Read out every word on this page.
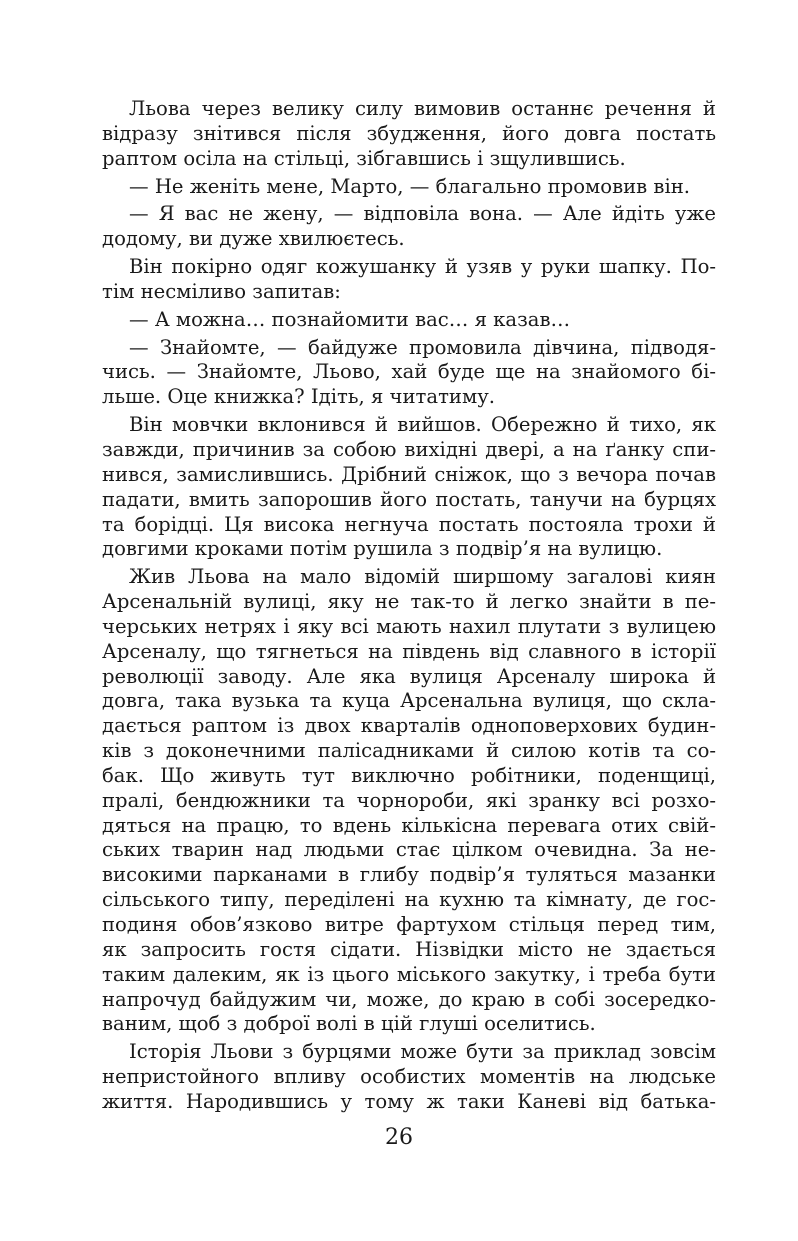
Льова через велику силу вимовив останнє речення й
відразу знітився після збудження, його довга постать
раптом осіла на стільці, зібгавшись і зщулившись.
— Не женіть мене, Марто, — благально промовив він.
— Я вас не жену, — відповіла вона. — Але йдіть уже
додому, ви дуже хвилюєтесь.
Він покірно одяг кожушанку й узяв у руки шапку. По-
тім несміливо запитав:
— А можна… познайомити вас… я казав…
— Знайомте, — байдуже промовила дівчина, підводя-
чись. — Знайомте, Льово, хай буде ще на знайомого бі-
льше. Оце книжка? Ідіть, я читатиму.
Він мовчки вклонився й вийшов. Обережно й тихо, як
завжди, причинив за собою вихідні двері, а на ґанку спи-
нився, замислившись. Дрібний сніжок, що з вечора почав
падати, вмить запорошив його постать, танучи на бурцях
та борідці. Ця висока негнуча постать постояла трохи й
довгими кроками потім рушила з подвір’я на вулицю.
Жив Льова на мало відомій ширшому загалові киян
Арсенальній вулиці, яку не так-то й легко знайти в пе-
черських нетрях і яку всі мають нахил плутати з вулицею
Арсеналу, що тягнеться на південь від славного в історії
революції заводу. Але яка вулиця Арсеналу широка й
довга, така вузька та куца Арсенальна вулиця, що скла-
дається раптом із двох кварталів одноповерхових будин-
ків з доконечними палісадниками й силою котів та со-
бак. Що живуть тут виключно робітники, поденщиці,
пралі, бендюжники та чорнороби, які зранку всі розхо-
дяться на працю, то вдень кількісна перевага отих свій-
ських тварин над людьми стає цілком очевидна. За не-
високими парканами в глибу подвір’я туляться мазанки
сільського типу, переділені на кухню та кімнату, де гос-
подиня обов’язково витре фартухом стільця перед тим,
як запросить гостя сідати. Нізвідки місто не здається
таким далеким, як із цього міського закутку, і треба бути
напрочуд байдужим чи, може, до краю в собі зосередко-
ваним, щоб з доброї волі в цій глуші оселитись.
Історія Льови з бурцями може бути за приклад зовсім
непристойного впливу особистих моментів на людське
життя. Народившись у тому ж таки Каневі від батька-
26
